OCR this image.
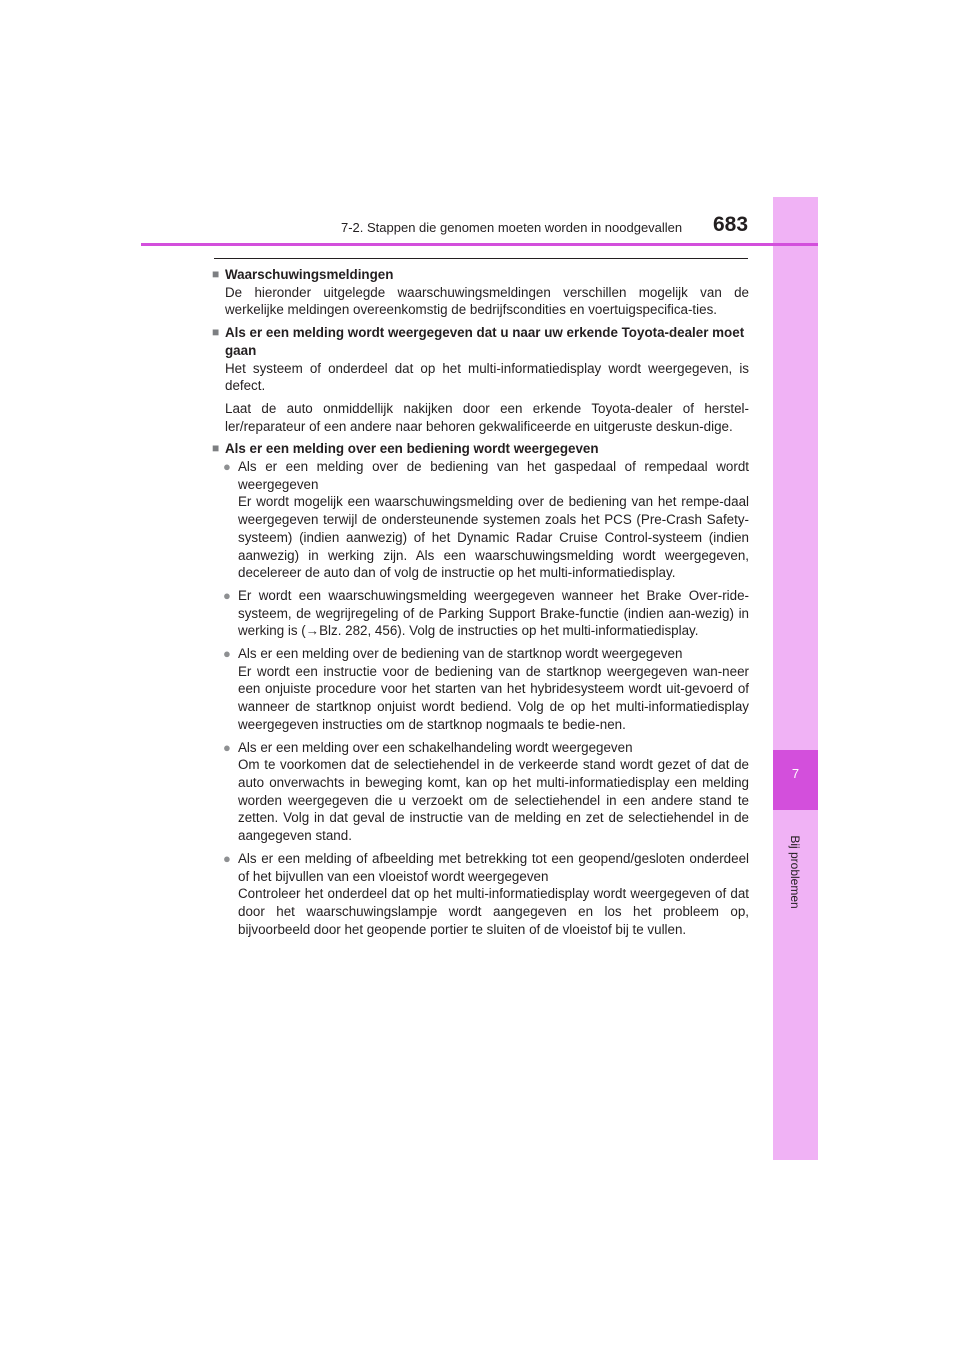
7
Bij problemen
7-2. Stappen die genomen moeten worden in noodgevallen 683
■ Waarschuwingsmeldingen

De hieronder uitgelegde waarschuwingsmeldingen verschillen mogelijk van de werkelijke meldingen overeenkomstig de bedrijfscondities en voertuigspecifica-ties.

■ Als er een melding wordt weergegeven dat u naar uw erkende Toyota-dealer moet gaan

Het systeem of onderdeel dat op het multi-informatiedisplay wordt weergegeven, is defect.

Laat de auto onmiddellijk nakijken door een erkende Toyota-dealer of herstel-ler/reparateur of een andere naar behoren gekwalificeerde en uitgeruste deskun-dige.

■ Als er een melding over een bediening wordt weergegeven
● Als er een melding over de bediening van het gaspedaal of rempedaal wordt weergegeven
Er wordt mogelijk een waarschuwingsmelding over de bediening van het rempe-daal weergegeven terwijl de ondersteunende systemen zoals het PCS (Pre-Crash Safety-systeem) (indien aanwezig) of het Dynamic Radar Cruise Control-systeem (indien aanwezig) in werking zijn. Als een waarschuwingsmelding wordt weergegeven, decelereer de auto dan of volg de instructie op het multi-informatiedisplay.
● Er wordt een waarschuwingsmelding weergegeven wanneer het Brake Over-ride-systeem, de wegrijregeling of de Parking Support Brake-functie (indien aan-wezig) in werking is (→Blz. 282, 456). Volg de instructies op het multi-informatiedisplay.
● Als er een melding over de bediening van de startknop wordt weergegeven
Er wordt een instructie voor de bediening van de startknop weergegeven wan-neer een onjuiste procedure voor het starten van het hybridesysteem wordt uit-gevoerd of wanneer de startknop onjuist wordt bediend. Volg de op het multi-informatiedisplay weergegeven instructies om de startknop nogmaals te bedie-nen.
● Als er een melding over een schakelhandeling wordt weergegeven
Om te voorkomen dat de selectiehendel in de verkeerde stand wordt gezet of dat de auto onverwachts in beweging komt, kan op het multi-informatiedisplay een melding worden weergegeven die u verzoekt om de selectiehendel in een andere stand te zetten. Volg in dat geval de instructie van de melding en zet de selectiehendel in de aangegeven stand.
● Als er een melding of afbeelding met betrekking tot een geopend/gesloten onderdeel of het bijvullen van een vloeistof wordt weergegeven
Controleer het onderdeel dat op het multi-informatiedisplay wordt weergegeven of dat door het waarschuwingslampje wordt aangegeven en los het probleem op, bijvoorbeeld door het geopende portier te sluiten of de vloeistof bij te vullen.
